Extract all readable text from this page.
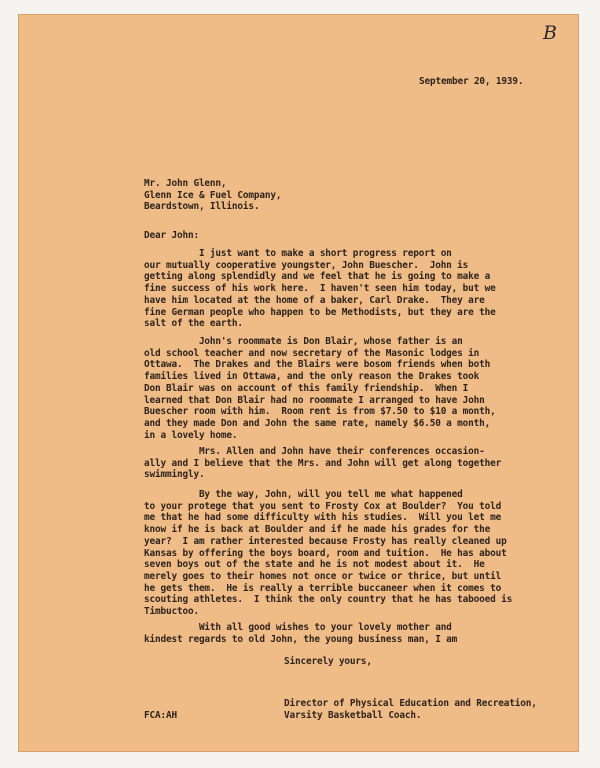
B
September 20, 1939.
Mr. John Glenn,
Glenn Ice & Fuel Company,
Beardstown, Illinois.
Dear John:
I just want to make a short progress report on
our mutually cooperative youngster, John Buescher.  John is
getting along splendidly and we feel that he is going to make a
fine success of his work here.  I haven't seen him today, but we
have him located at the home of a baker, Carl Drake.  They are
fine German people who happen to be Methodists, but they are the
salt of the earth.
John's roommate is Don Blair, whose father is an
old school teacher and now secretary of the Masonic lodges in
Ottawa.  The Drakes and the Blairs were bosom friends when both
families lived in Ottawa, and the only reason the Drakes took
Don Blair was on account of this family friendship.  When I
learned that Don Blair had no roommate I arranged to have John
Buescher room with him.  Room rent is from $7.50 to $10 a month,
and they made Don and John the same rate, namely $6.50 a month,
in a lovely home.
Mrs. Allen and John have their conferences occasion-
ally and I believe that the Mrs. and John will get along together
swimmingly.
By the way, John, will you tell me what happened
to your protege that you sent to Frosty Cox at Boulder?  You told
me that he had some difficulty with his studies.  Will you let me
know if he is back at Boulder and if he made his grades for the
year?  I am rather interested because Frosty has really cleaned up
Kansas by offering the boys board, room and tuition.  He has about
seven boys out of the state and he is not modest about it.  He
merely goes to their homes not once or twice or thrice, but until
he gets them.  He is really a terrible buccaneer when it comes to
scouting athletes.  I think the only country that he has tabooed is
Timbuctoo.
With all good wishes to your lovely mother and
kindest regards to old John, the young business man, I am
Sincerely yours,
Director of Physical Education and Recreation,
Varsity Basketball Coach.
FCA:AH
